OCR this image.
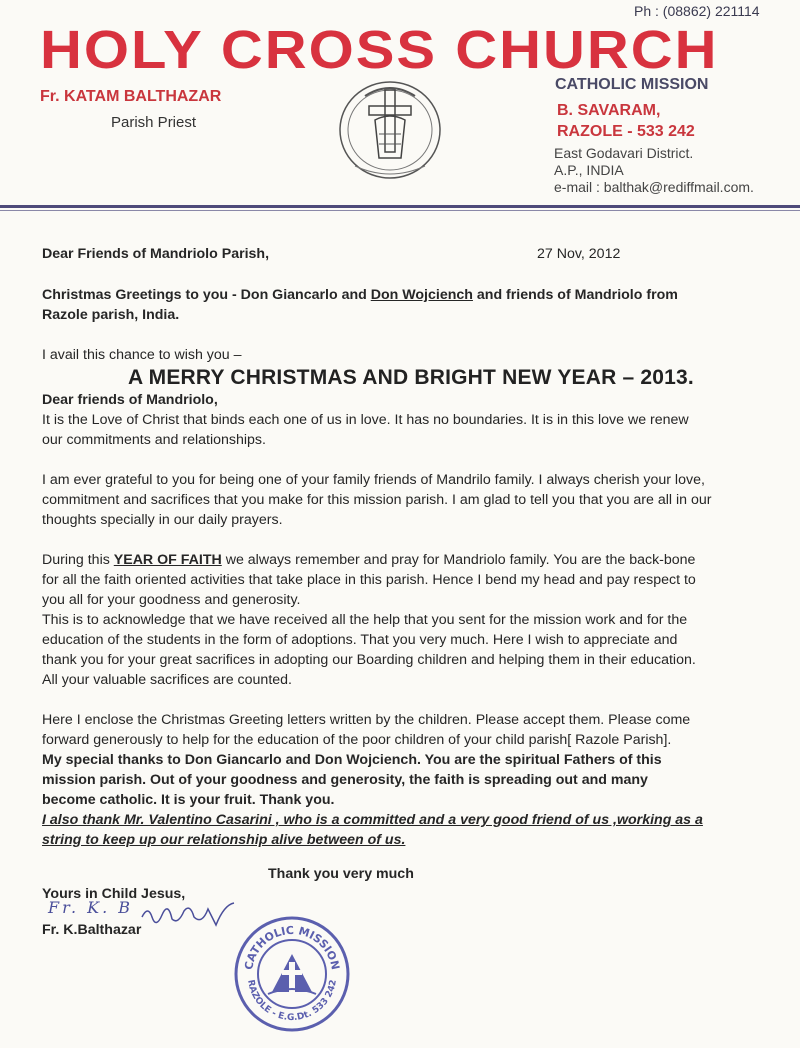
Ph : (08862) 221114
HOLY CROSS CHURCH
Fr. KATAM BALTHAZAR
Parish Priest
CATHOLIC MISSION
B. SAVARAM,
RAZOLE - 533 242
East Godavari District.
A.P., INDIA
e-mail : balthak@rediffmail.com.
Dear Friends of Mandriolo Parish,	27 Nov, 2012
Christmas Greetings to you - Don Giancarlo and Don Wojciench and friends of Mandriolo from
Razole parish, India.
I avail this chance to wish you –
A MERRY CHRISTMAS AND BRIGHT NEW YEAR – 2013.
Dear friends of Mandriolo,
It is the Love of Christ that binds each one of us in love. It has no boundaries. It is in this love we renew
our commitments and relationships.
I am ever grateful to you for being one of your family friends of Mandrilo family. I always cherish your love,
commitment and sacrifices that you make for this mission parish. I am glad to tell you that you are all in our
thoughts specially in our daily prayers.
During this YEAR OF FAITH we always remember and pray for Mandriolo family. You are the back-bone
for all the faith oriented activities that take place in this parish. Hence I bend my head and pay respect to
you all for your goodness and generosity.
This is to acknowledge that we have received all the help that you sent for the mission work and for the
education of the students in the form of adoptions. That you very much. Here I wish to appreciate and
thank you for your great sacrifices in adopting our Boarding children and helping them in their education.
All your valuable sacrifices are counted.
Here I enclose the Christmas Greeting letters written by the children. Please accept them. Please come
forward generously to help for the education of the poor children of your child parish[ Razole Parish].
My special thanks to Don Giancarlo and Don Wojciench. You are the spiritual Fathers of this
mission parish. Out of your goodness and generosity, the faith is spreading out and many
become catholic. It is your fruit. Thank you.
I also thank Mr. Valentino Casarini , who is a committed and a very good friend of us ,working as a
string to keep up our relationship alive between of us.
Thank you very much
Yours in Child Jesus,
Fr. K. B
Fr. K.Balthazar
CATHOLIC MISSION
RAZOLE - E.G.Dt. 533 242
